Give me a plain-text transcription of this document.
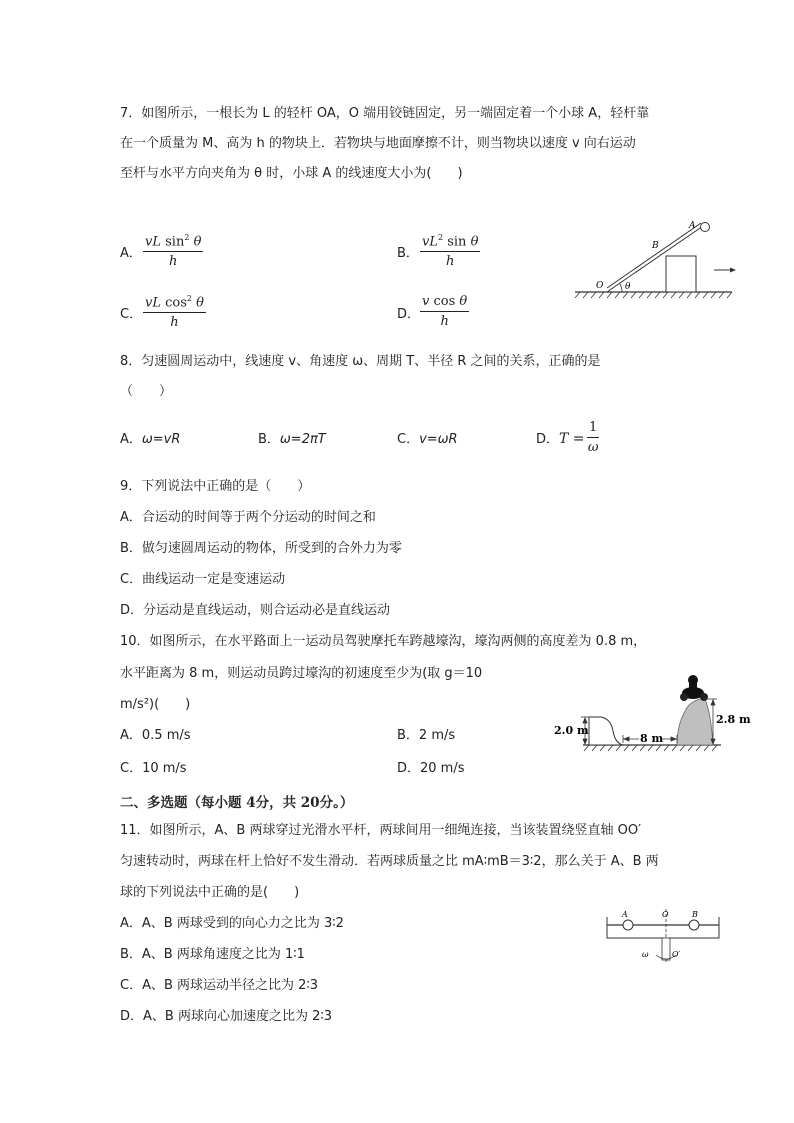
7．如图所示，一根长为 L 的轻杆 OA，O 端用铰链固定，另一端固定着一个小球 A，轻杆靠
在一个质量为 M、高为 h 的物块上．若物块与地面摩擦不计，则当物块以速度 v 向右运动
至杆与水平方向夹角为 θ 时，小球 A 的线速度大小为(　　)
A． $\frac{vL \sin^2 \theta}{h}$	B． $\frac{vL^2 \sin \theta}{h}$
C． $\frac{vL \cos^2 \theta}{h}$	D． $\frac{\text{v cos θ}}{h}$
A
B
O θ
8．匀速圆周运动中，线速度 v、角速度 ω、周期 T、半径 R 之间的关系，正确的是
（　　）
A．ω=vR	B．ω=2πT	C．v=ωR	D． $T = \frac{1}{\omega}$
9．下列说法中正确的是（　　）
A．合运动的时间等于两个分运动的时间之和
B．做匀速圆周运动的物体，所受到的合外力为零
C．曲线运动一定是变速运动
D．分运动是直线运动，则合运动必是直线运动
10．如图所示，在水平路面上一运动员驾驶摩托车跨越壕沟，壕沟两侧的高度差为 0.8 m，
水平距离为 8 m，则运动员跨过壕沟的初速度至少为(取 g＝10
m/s²)(　　)
A．0.5 m/s	B．2 m/s
C．10 m/s	D．20 m/s
2.0 m
2.8 m
8 m
二、多选题（每小题 4分，共 20分。）
11．如图所示，A、B 两球穿过光滑水平杆，两球间用一细绳连接，当该装置绕竖直轴 OO′
匀速转动时，两球在杆上恰好不发生滑动．若两球质量之比 mA∶mB＝3∶2，那么关于 A、B 两
球的下列说法中正确的是(　　)
A．A、B 两球受到的向心力之比为 3∶2
B．A、B 两球角速度之比为 1∶1
C．A、B 两球运动半径之比为 2∶3
D．A、B 两球向心加速度之比为 2∶3
A	O	B
ω	O′
